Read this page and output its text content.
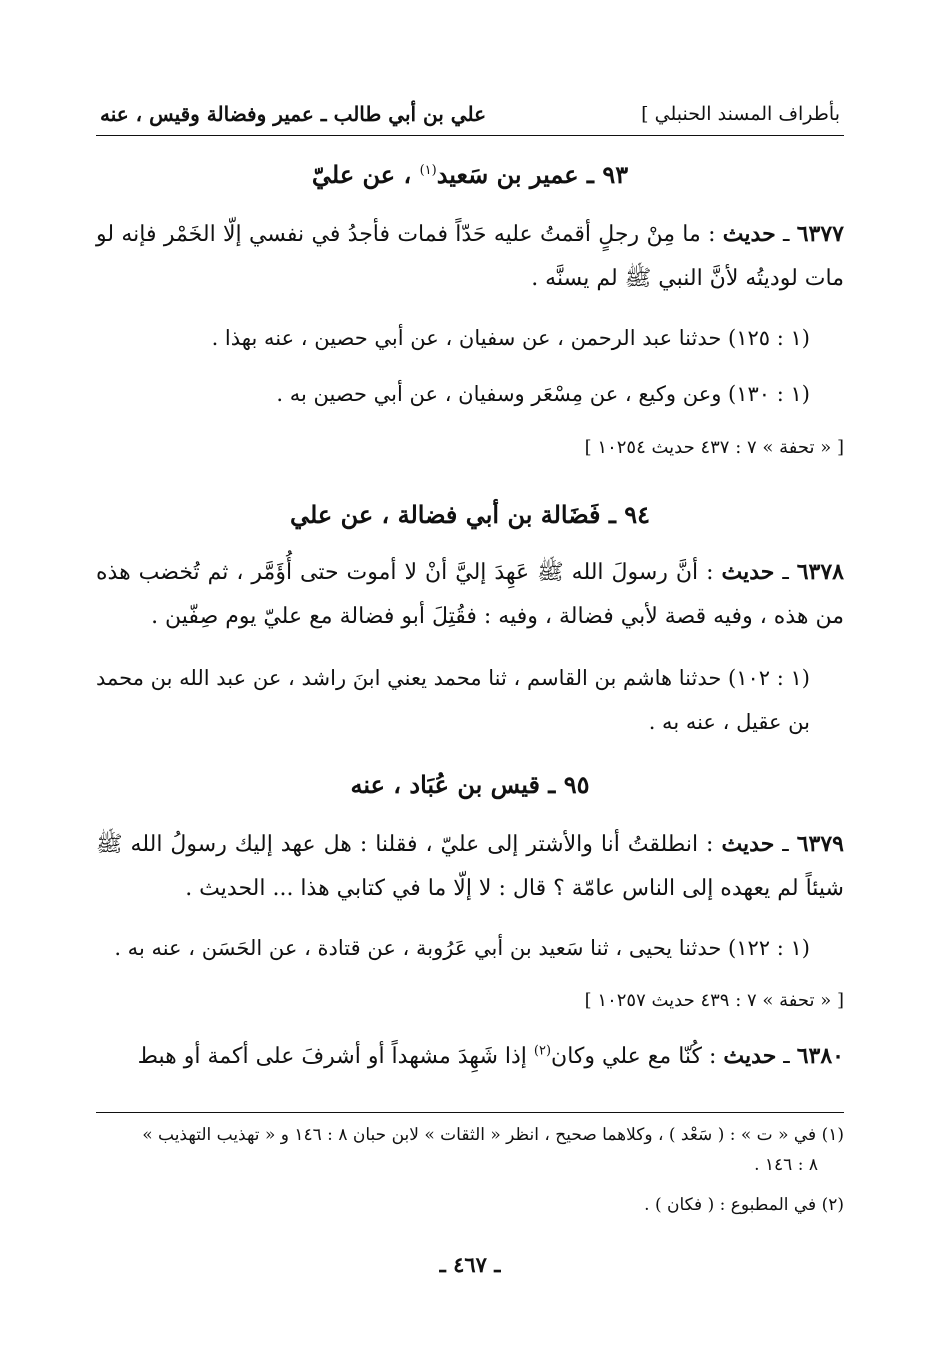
بأطراف المسند الحنبلي ]
علي بن أبي طالب ـ عمير وفضالة وقيس ، عنه
٩٣ ـ عمير بن سَعيد$^{(١)}$ ، عن عليّ
٦٣٧٧ ـ حديث : ما مِنْ رجلٍ أقمتُ عليه حَدّاً فمات فأجدُ في نفسي إلّا الخَمْر فإنه لو مات لوديتُه لأنَّ النبي ﷺ لم يسنَّه .
(١ : ١٢٥) حدثنا عبد الرحمن ، عن سفيان ، عن أبي حصين ، عنه بهذا .
(١ : ١٣٠) وعن وكيع ، عن مِسْعَر وسفيان ، عن أبي حصين به .
[ « تحفة » ٧ : ٤٣٧ حديث ١٠٢٥٤ ]
٩٤ ـ فَضَالة بن أبي فضالة ، عن علي
٦٣٧٨ ـ حديث : أنَّ رسولَ الله ﷺ عَهِدَ إليَّ أنْ لا أموت حتى أُؤَمَّر ، ثم تُخضب هذه من هذه ، وفيه قصة لأبي فضالة ، وفيه : فقُتِلَ أبو فضالة مع عليّ يوم صِفّين .
(١ : ١٠٢) حدثنا هاشم بن القاسم ، ثنا محمد يعني ابنَ راشد ، عن عبد الله بن محمد بن عقيل ، عنه به .
٩٥ ـ قيس بن عُبَاد ، عنه
٦٣٧٩ ـ حديث : انطلقتُ أنا والأشتر إلى عليّ ، فقلنا : هل عهد إليك رسولُ الله ﷺ شيئاً لم يعهده إلى الناس عامّة ؟ قال : لا إلّا ما في كتابي هذا ... الحديث .
(١ : ١٢٢) حدثنا يحيى ، ثنا سَعيد بن أبي عَرُوبة ، عن قتادة ، عن الحَسَن ، عنه به .
[ « تحفة » ٧ : ٤٣٩ حديث ١٠٢٥٧ ]
٦٣٨٠ ـ حديث : كُنّا مع علي وكان$^{(٢)}$ إذا شَهِدَ مشهداً أو أشرفَ على أكمة أو هبط
(١) في « ت » : ( سَعْد ) ، وكلاهما صحيح ، انظر « الثقات » لابن حبان ٨ : ١٤٦ و « تهذيب التهذيب »
٨ : ١٤٦ .
(٢) في المطبوع : ( فكان ) .
ـ ٤٦٧ ـ
